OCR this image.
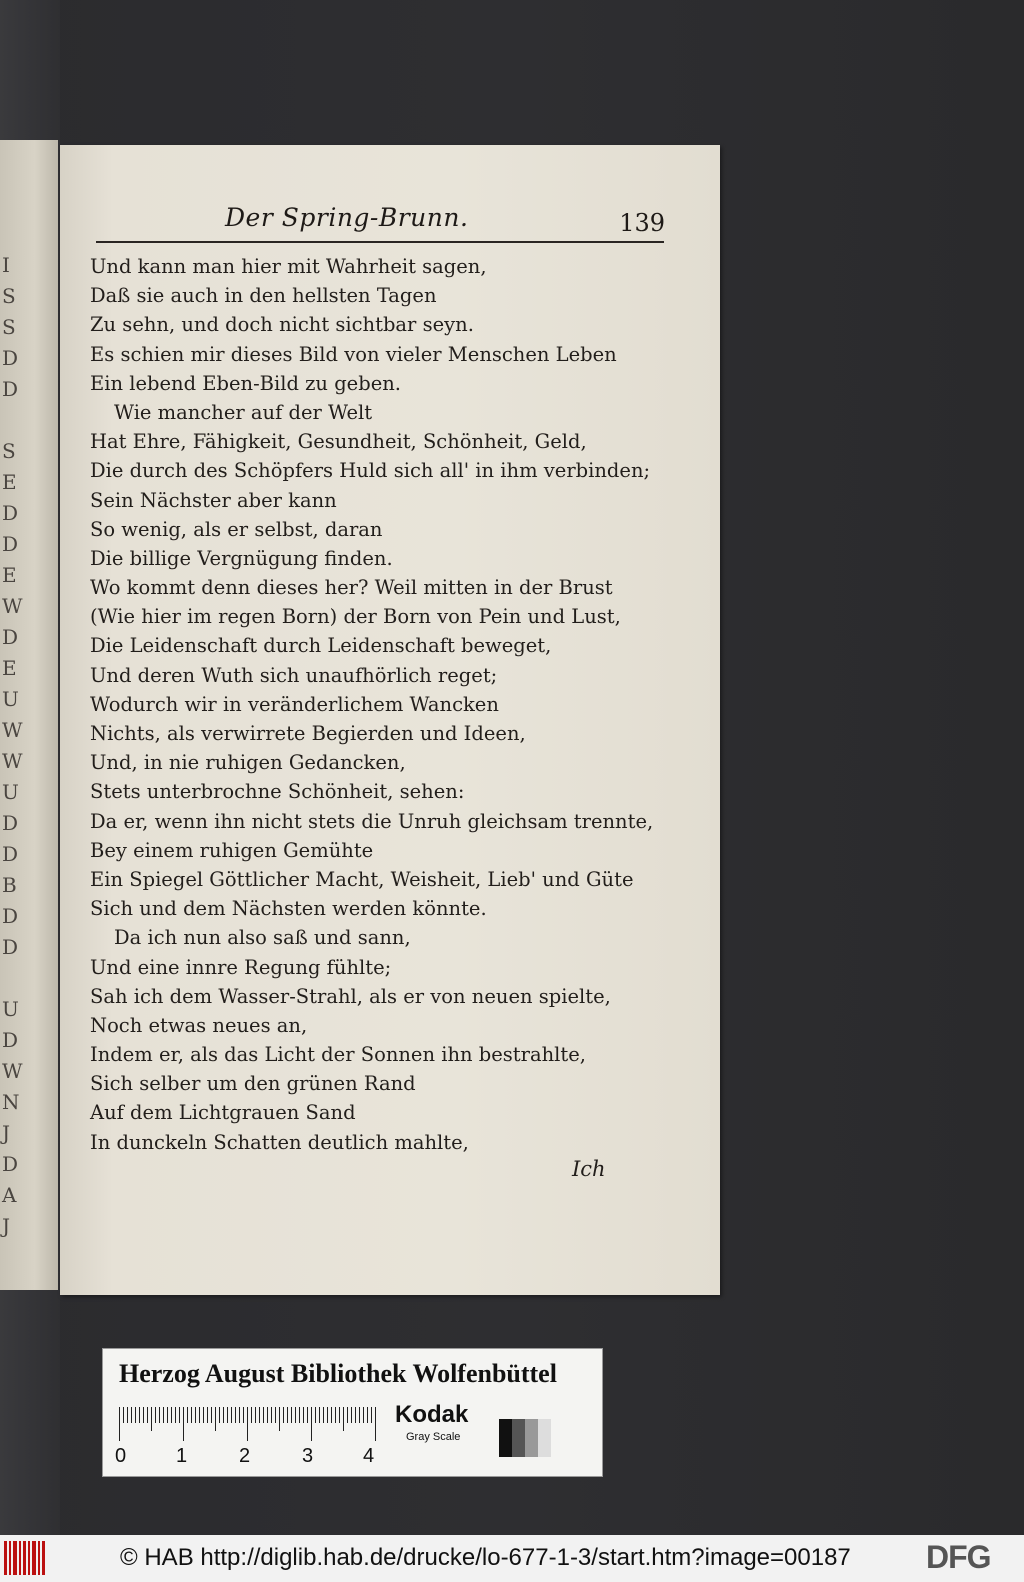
I
S
S
D
D

S
E
D
D
E
W
D
E
U
W
W
U
D
D
B
D
D

U
D
W
N
J
D
A
J
Der Spring-Brunn.	139
Und kann man hier mit Wahrheit sagen,
Daß sie auch in den hellsten Tagen
Zu sehn, und doch nicht sichtbar seyn.
Es schien mir dieses Bild von vieler Menschen Leben
Ein lebend Eben-Bild zu geben.
Wie mancher auf der Welt
Hat Ehre, Fähigkeit, Gesundheit, Schönheit, Geld,
Die durch des Schöpfers Huld sich all' in ihm verbinden;
Sein Nächster aber kann
So wenig, als er selbst, daran
Die billige Vergnügung finden.
Wo kommt denn dieses her? Weil mitten in der Brust
(Wie hier im regen Born) der Born von Pein und Lust,
Die Leidenschaft durch Leidenschaft beweget,
Und deren Wuth sich unaufhörlich reget;
Wodurch wir in veränderlichem Wancken
Nichts, als verwirrete Begierden und Ideen,
Und, in nie ruhigen Gedancken,
Stets unterbrochne Schönheit, sehen:
Da er, wenn ihn nicht stets die Unruh gleichsam trennte,
Bey einem ruhigen Gemühte
Ein Spiegel Göttlicher Macht, Weisheit, Lieb' und Güte
Sich und dem Nächsten werden könnte.
Da ich nun also saß und sann,
Und eine innre Regung fühlte;
Sah ich dem Wasser-Strahl, als er von neuen spielte,
Noch etwas neues an,
Indem er, als das Licht der Sonnen ihn bestrahlte,
Sich selber um den grünen Rand
Auf dem Lichtgrauen Sand
In dunckeln Schatten deutlich mahlte,
Ich
Herzog August Bibliothek Wolfenbüttel
0 1	2	3 4
Kodak
Gray Scale
© HAB http://diglib.hab.de/drucke/lo-677-1-3/start.htm?image=00187 DFG
